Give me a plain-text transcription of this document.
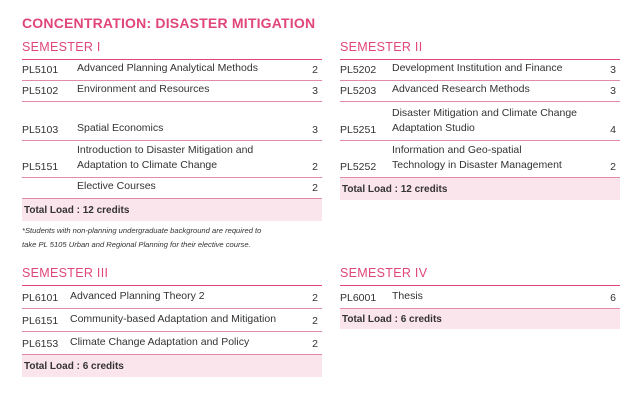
CONCENTRATION: DISASTER MITIGATION
SEMESTER I
PL5101 Advanced Planning Analytical Methods	2
PL5102 Environment and Resources	3
PL5103 Spatial Economics	3
PL5151
Introduction to Disaster Mitigation and
Adaptation to Climate Change	2
Elective Courses	2
Total Load : 12 credits
*Students with non-planning undergraduate background are required to
take PL 5105 Urban and Regional Planning for their elective course.
SEMESTER II
PL5202 Development Institution and Finance	3
PL5203 Advanced Research Methods	3
PL5251
Disaster Mitigation and Climate Change
Adaptation Studio	4
PL5252
Information and Geo-spatial
Technology in Disaster Management	2
Total Load : 12 credits
SEMESTER III
PL6101 Advanced Planning Theory 2	2
PL6151 Community-based Adaptation and Mitigation	2
PL6153 Climate Change Adaptation and Policy	2
Total Load : 6 credits
SEMESTER IV
PL6001 Thesis	6
Total Load : 6 credits
